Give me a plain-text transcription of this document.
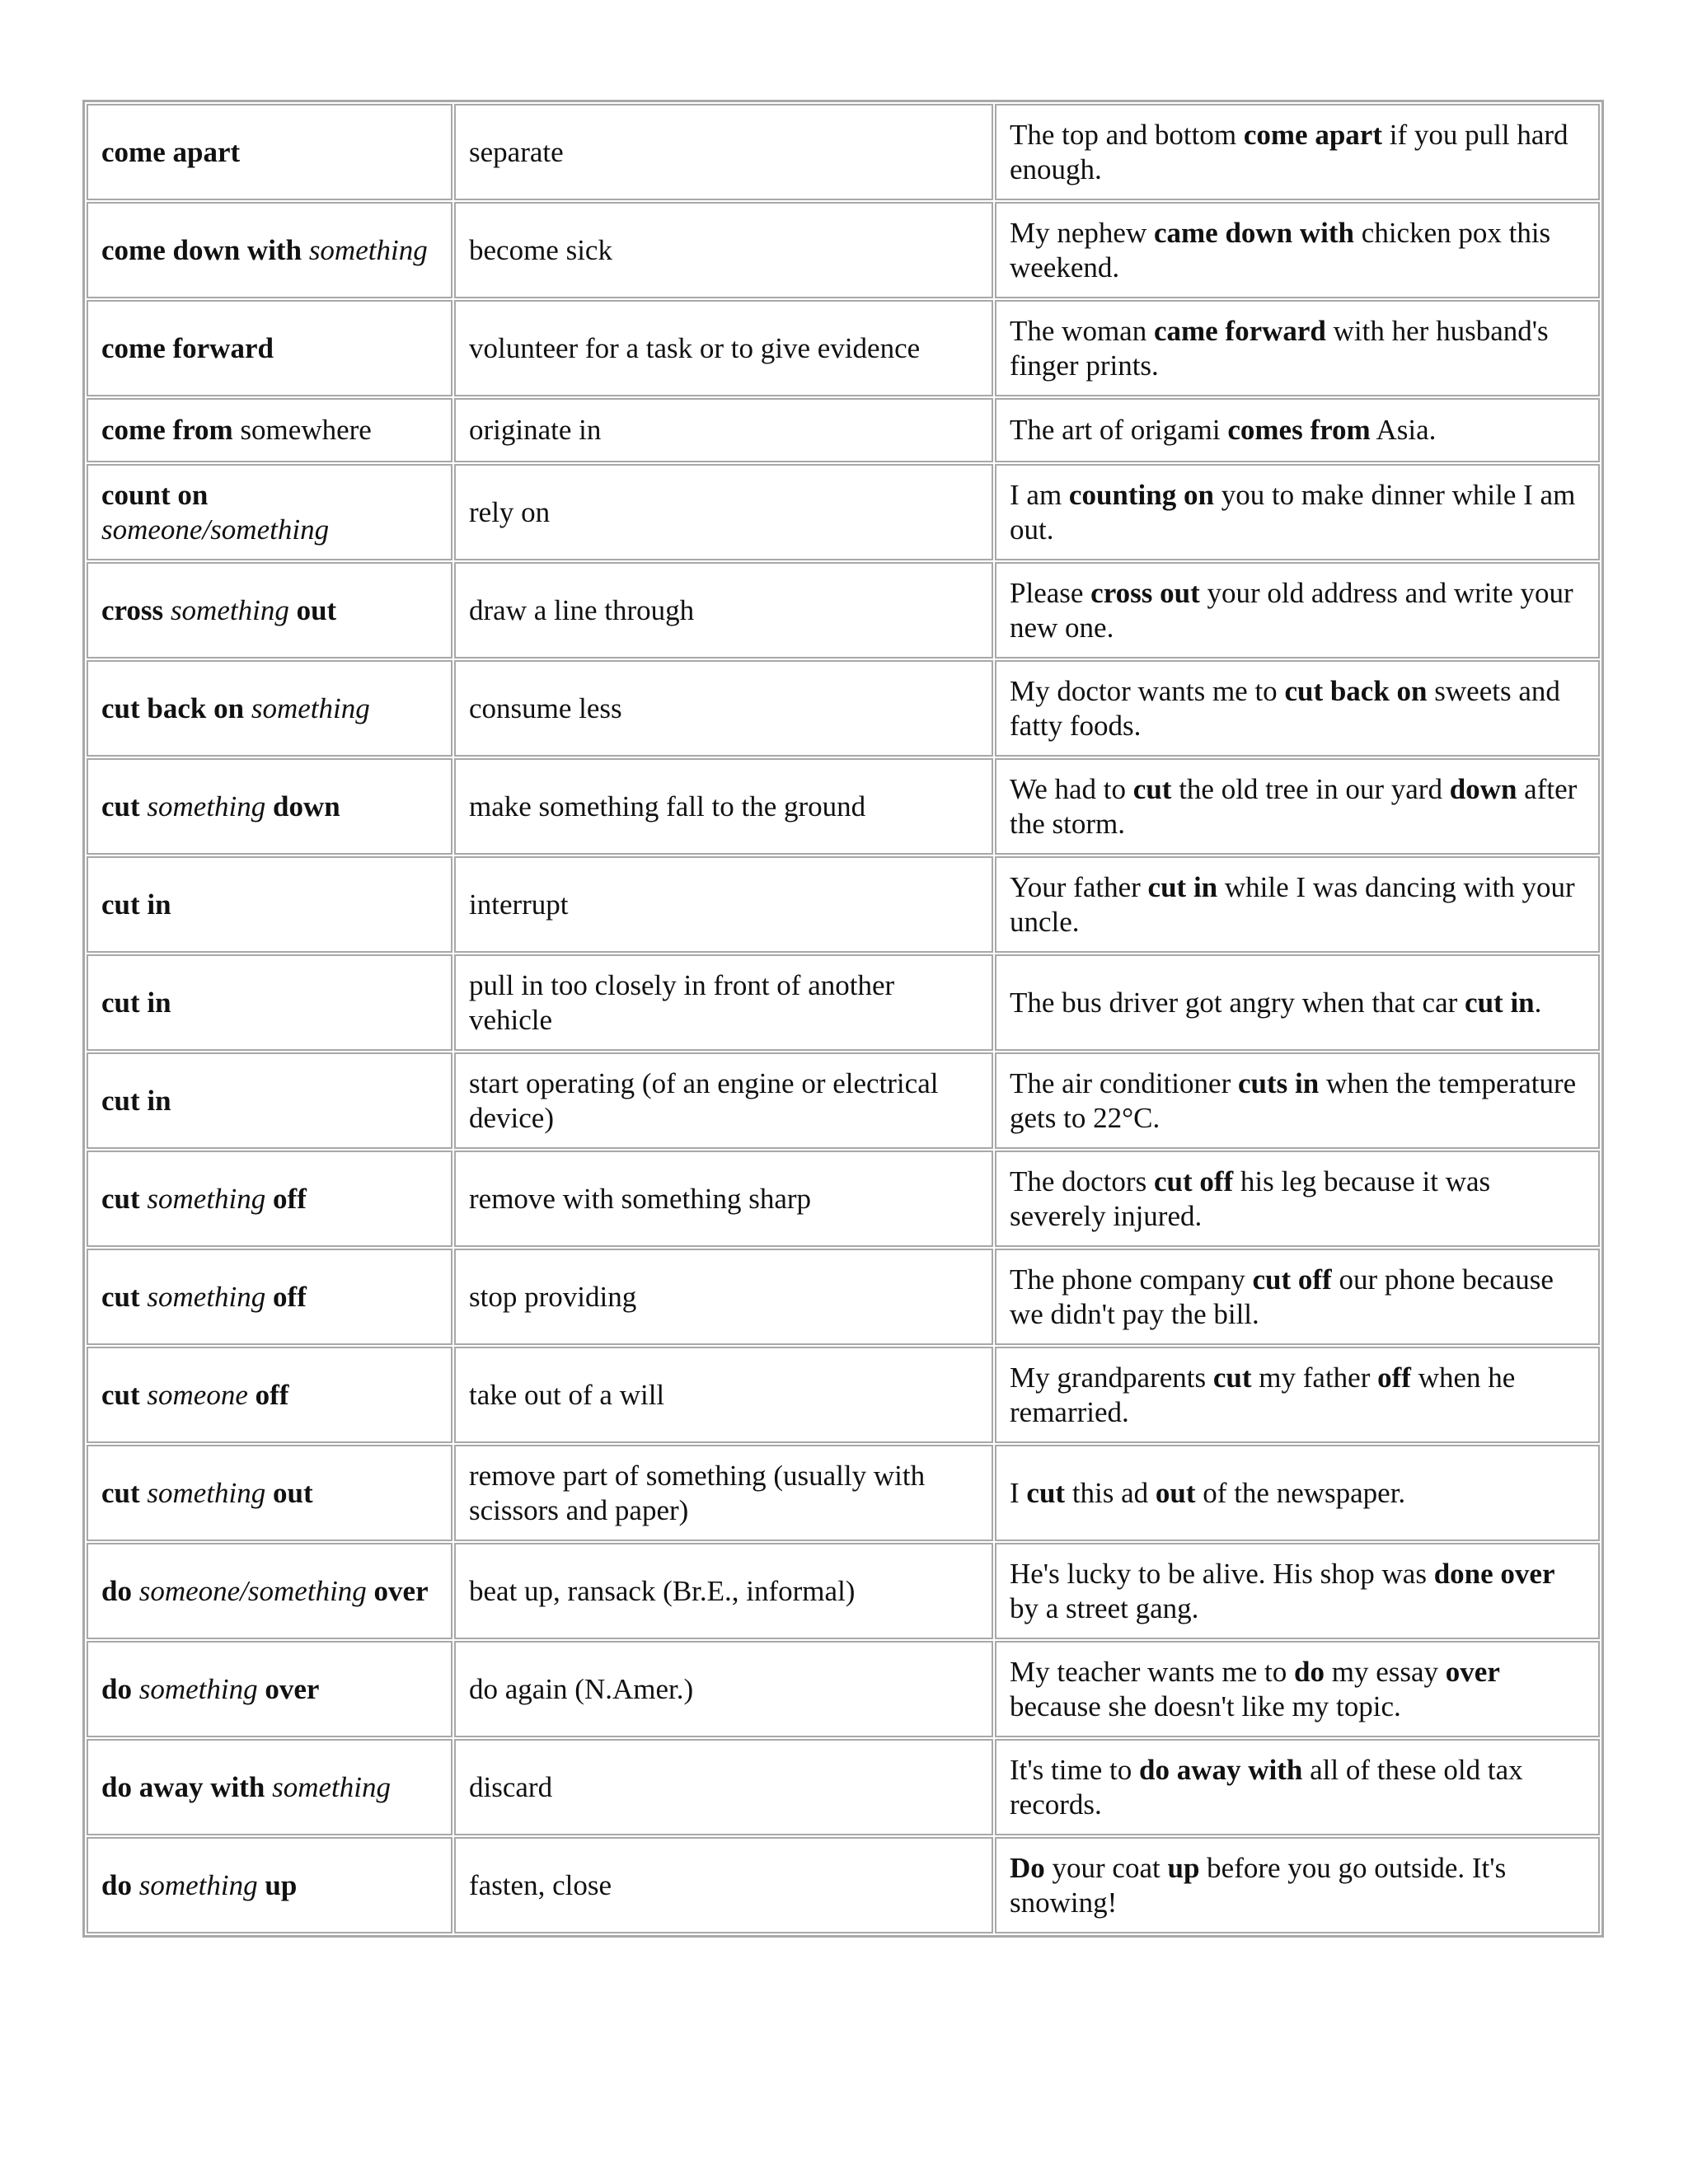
come apart	separate	The top and bottom come apart if you pull hard enough.
come down with something	become sick	My nephew came down with chicken pox this weekend.
come forward	volunteer for a task or to give evidence	The woman came forward with her husband's finger prints.
come from somewhere	originate in	The art of origami comes from Asia.
count on someone/something	rely on	I am counting on you to make dinner while I am out.
cross something out	draw a line through	Please cross out your old address and write your new one.
cut back on something	consume less	My doctor wants me to cut back on sweets and fatty foods.
cut something down	make something fall to the ground	We had to cut the old tree in our yard down after the storm.
cut in	interrupt	Your father cut in while I was dancing with your uncle.
cut in	pull in too closely in front of another vehicle	The bus driver got angry when that car cut in.
cut in	start operating (of an engine or electrical device)	The air conditioner cuts in when the temperature gets to 22°C.
cut something off	remove with something sharp	The doctors cut off his leg because it was severely injured.
cut something off	stop providing	The phone company cut off our phone because we didn't pay the bill.
cut someone off	take out of a will	My grandparents cut my father off when he remarried.
cut something out	remove part of something (usually with scissors and paper)	I cut this ad out of the newspaper.
do someone/something over	beat up, ransack (Br.E., informal)	He's lucky to be alive. His shop was done over by a street gang.
do something over	do again (N.Amer.)	My teacher wants me to do my essay over because she doesn't like my topic.
do away with something	discard	It's time to do away with all of these old tax records.
do something up	fasten, close	Do your coat up before you go outside. It's snowing!
